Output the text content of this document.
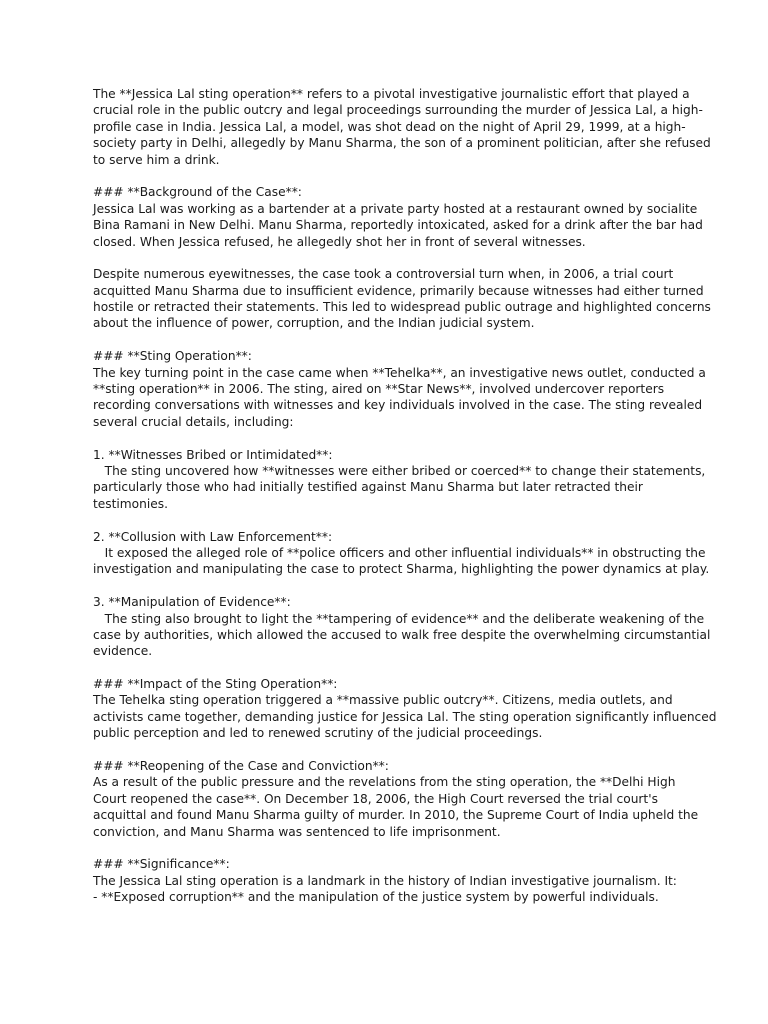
The **Jessica Lal sting operation** refers to a pivotal investigative journalistic effort that played a
crucial role in the public outcry and legal proceedings surrounding the murder of Jessica Lal, a high-
profile case in India. Jessica Lal, a model, was shot dead on the night of April 29, 1999, at a high-
society party in Delhi, allegedly by Manu Sharma, the son of a prominent politician, after she refused
to serve him a drink.
### **Background of the Case**:
Jessica Lal was working as a bartender at a private party hosted at a restaurant owned by socialite
Bina Ramani in New Delhi. Manu Sharma, reportedly intoxicated, asked for a drink after the bar had
closed. When Jessica refused, he allegedly shot her in front of several witnesses.
Despite numerous eyewitnesses, the case took a controversial turn when, in 2006, a trial court
acquitted Manu Sharma due to insufficient evidence, primarily because witnesses had either turned
hostile or retracted their statements. This led to widespread public outrage and highlighted concerns
about the influence of power, corruption, and the Indian judicial system.
### **Sting Operation**:
The key turning point in the case came when **Tehelka**, an investigative news outlet, conducted a
**sting operation** in 2006. The sting, aired on **Star News**, involved undercover reporters
recording conversations with witnesses and key individuals involved in the case. The sting revealed
several crucial details, including:
1. **Witnesses Bribed or Intimidated**:
The sting uncovered how **witnesses were either bribed or coerced** to change their statements,
particularly those who had initially testified against Manu Sharma but later retracted their
testimonies.
2. **Collusion with Law Enforcement**:
It exposed the alleged role of **police officers and other influential individuals** in obstructing the
investigation and manipulating the case to protect Sharma, highlighting the power dynamics at play.
3. **Manipulation of Evidence**:
The sting also brought to light the **tampering of evidence** and the deliberate weakening of the
case by authorities, which allowed the accused to walk free despite the overwhelming circumstantial
evidence.
### **Impact of the Sting Operation**:
The Tehelka sting operation triggered a **massive public outcry**. Citizens, media outlets, and
activists came together, demanding justice for Jessica Lal. The sting operation significantly influenced
public perception and led to renewed scrutiny of the judicial proceedings.
### **Reopening of the Case and Conviction**:
As a result of the public pressure and the revelations from the sting operation, the **Delhi High
Court reopened the case**. On December 18, 2006, the High Court reversed the trial court's
acquittal and found Manu Sharma guilty of murder. In 2010, the Supreme Court of India upheld the
conviction, and Manu Sharma was sentenced to life imprisonment.
### **Significance**:
The Jessica Lal sting operation is a landmark in the history of Indian investigative journalism. It:
- **Exposed corruption** and the manipulation of the justice system by powerful individuals.
